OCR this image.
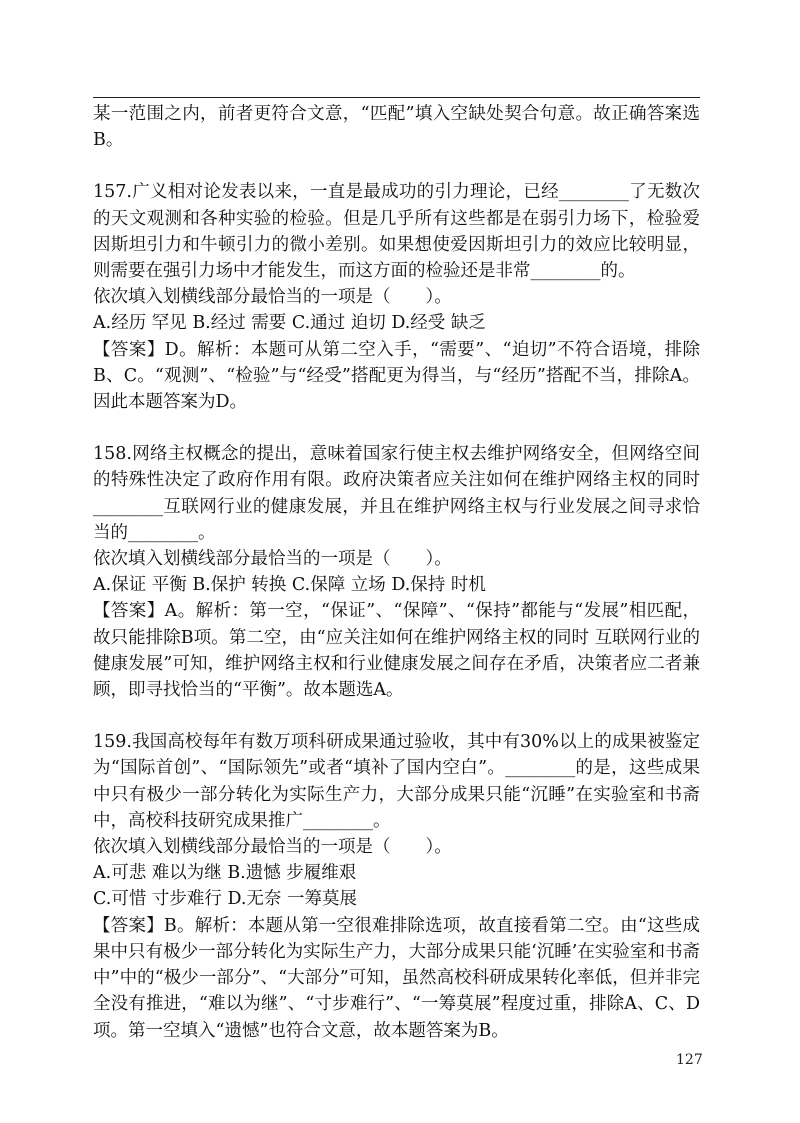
某一范围之内，前者更符合文意，“匹配”填入空缺处契合句意。故正确答案选B。

157.广义相对论发表以来，一直是最成功的引力理论，已经________了无数次的天文观测和各种实验的检验。但是几乎所有这些都是在弱引力场下，检验爱因斯坦引力和牛顿引力的微小差别。如果想使爱因斯坦引力的效应比较明显，则需要在强引力场中才能发生，而这方面的检验还是非常________的。

依次填入划横线部分最恰当的一项是（　　）。

A.经历 罕见 B.经过 需要 C.通过 迫切 D.经受 缺乏

【答案】D。解析：本题可从第二空入手，“需要”、“迫切”不符合语境，排除B、C。“观测”、“检验”与“经受”搭配更为得当，与“经历”搭配不当，排除A。因此本题答案为D。

158.网络主权概念的提出，意味着国家行使主权去维护网络安全，但网络空间的特殊性决定了政府作用有限。政府决策者应关注如何在维护网络主权的同时________互联网行业的健康发展，并且在维护网络主权与行业发展之间寻求恰当的________。

依次填入划横线部分最恰当的一项是（　　）。

A.保证 平衡 B.保护 转换 C.保障 立场 D.保持 时机

【答案】A。解析：第一空，“保证”、“保障”、“保持”都能与“发展”相匹配，故只能排除B项。第二空，由“应关注如何在维护网络主权的同时 互联网行业的健康发展”可知，维护网络主权和行业健康发展之间存在矛盾，决策者应二者兼顾，即寻找恰当的“平衡”。故本题选A。

159.我国高校每年有数万项科研成果通过验收，其中有30%以上的成果被鉴定为“国际首创”、“国际领先”或者“填补了国内空白”。________的是，这些成果中只有极少一部分转化为实际生产力，大部分成果只能“沉睡”在实验室和书斋中，高校科技研究成果推广________。

依次填入划横线部分最恰当的一项是（　　）。

A.可悲 难以为继 B.遗憾 步履维艰

C.可惜 寸步难行 D.无奈 一筹莫展

【答案】B。解析：本题从第一空很难排除选项，故直接看第二空。由“这些成果中只有极少一部分转化为实际生产力，大部分成果只能‘沉睡’在实验室和书斋中”中的“极少一部分”、“大部分”可知，虽然高校科研成果转化率低，但并非完全没有推进，“难以为继”、“寸步难行”、“一筹莫展”程度过重，排除A、C、D项。第一空填入“遗憾”也符合文意，故本题答案为B。

127
